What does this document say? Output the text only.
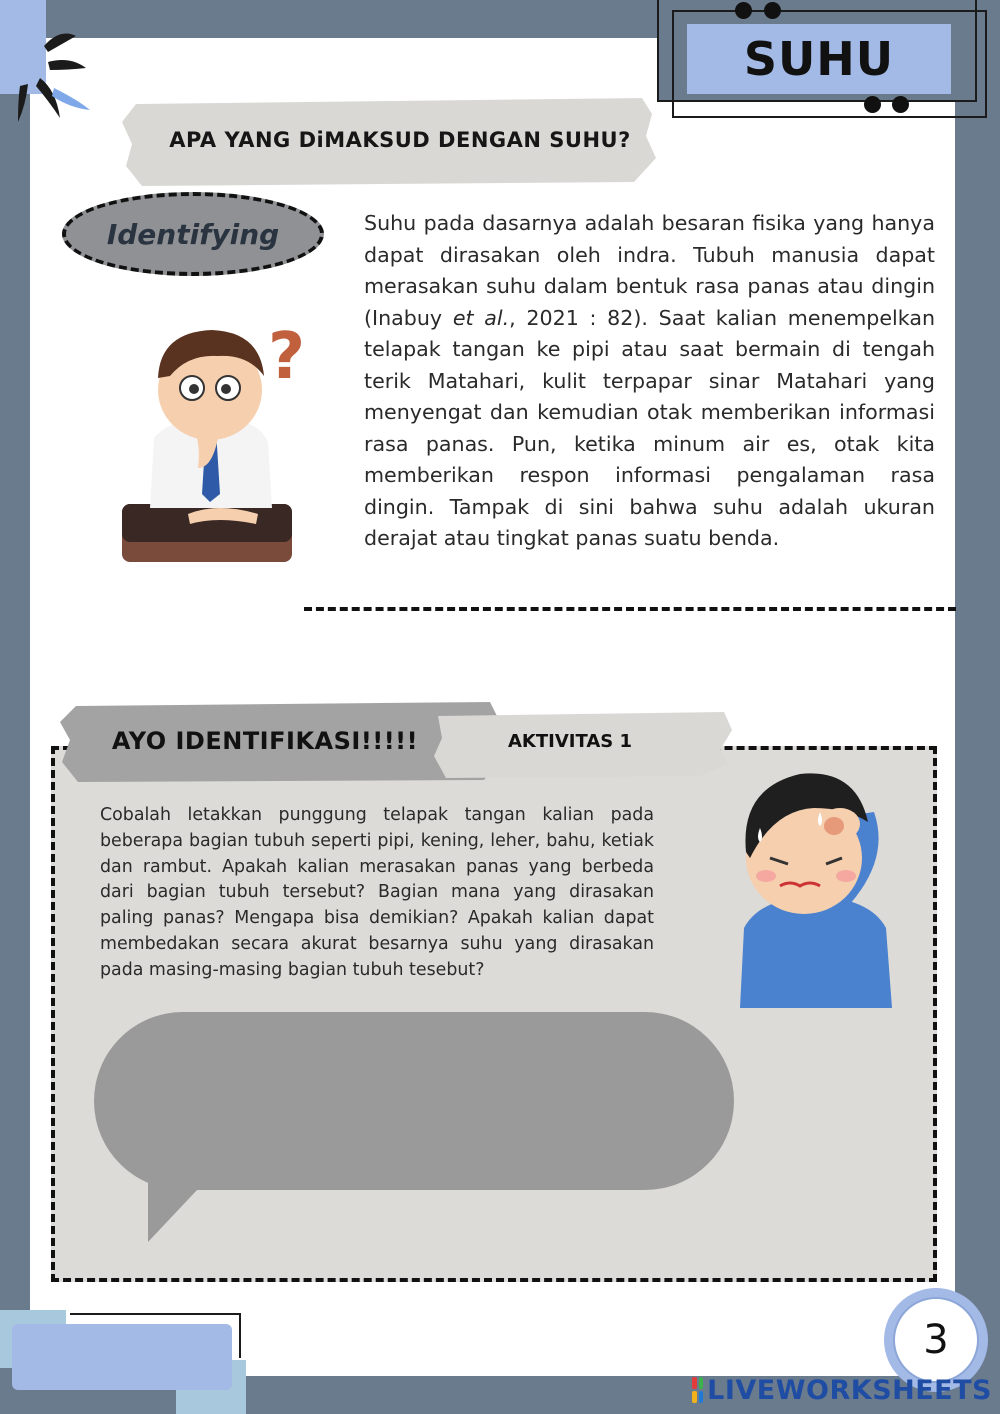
SUHU
APA YANG DiMAKSUD DENGAN SUHU?
Identifying
?
Suhu pada dasarnya adalah besaran fisika yang hanya dapat dirasakan oleh indra. Tubuh manusia dapat merasakan suhu dalam bentuk rasa panas atau dingin (Inabuy et al., 2021 : 82). Saat kalian menempelkan telapak tangan ke pipi atau saat bermain di tengah terik Matahari, kulit terpapar sinar Matahari yang menyengat dan kemudian otak memberikan informasi rasa panas. Pun, ketika minum air es, otak kita memberikan respon informasi pengalaman rasa dingin. Tampak di sini bahwa suhu adalah ukuran derajat atau tingkat panas suatu benda.
AYO IDENTIFIKASI!!!!!	AKTIVITAS 1
Cobalah letakkan punggung telapak tangan kalian pada beberapa bagian tubuh seperti pipi, kening, leher, bahu, ketiak dan rambut. Apakah kalian merasakan panas yang berbeda dari bagian tubuh tersebut? Bagian mana yang dirasakan paling panas? Mengapa bisa demikian? Apakah kalian dapat membedakan secara akurat besarnya suhu yang dirasakan pada masing-masing bagian tubuh tesebut?
3
LIVEWORKSHEETS
